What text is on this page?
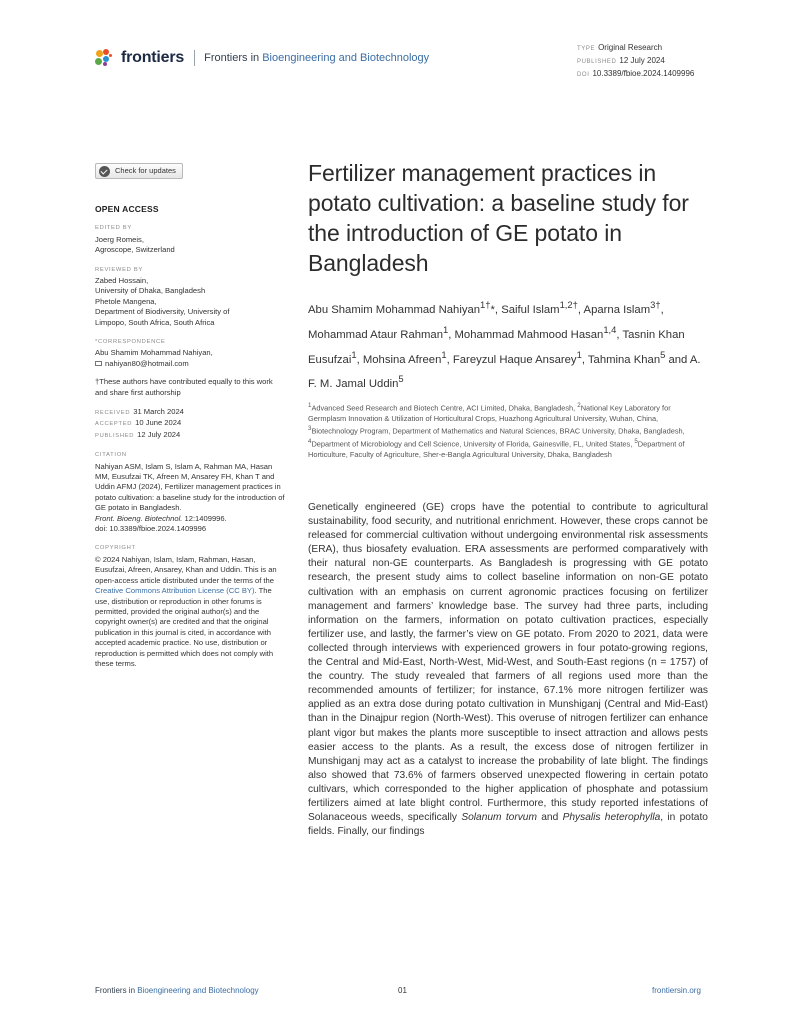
frontiers Frontiers in Bioengineering and Biotechnology
TYPE Original Research
PUBLISHED 12 July 2024
DOI 10.3389/fbioe.2024.1409996
Check for updates
OPEN ACCESS
EDITED BY
Joerg Romeis,
Agroscope, Switzerland
REVIEWED BY
Zabed Hossain,
University of Dhaka, Bangladesh
Phetole Mangena,
Department of Biodiversity, University of
Limpopo, South Africa, South Africa
*CORRESPONDENCE
Abu Shamim Mohammad Nahiyan,
nahiyan80@hotmail.com
†These authors have contributed equally to this work and share first authorship
RECEIVED 31 March 2024
ACCEPTED 10 June 2024
PUBLISHED 12 July 2024
CITATION
Nahiyan ASM, Islam S, Islam A, Rahman MA, Hasan MM, Eusufzai TK, Afreen M, Ansarey FH, Khan T and Uddin AFMJ (2024), Fertilizer management practices in potato cultivation: a baseline study for the introduction of GE potato in Bangladesh.
Front. Bioeng. Biotechnol. 12:1409996.
doi: 10.3389/fbioe.2024.1409996
COPYRIGHT
© 2024 Nahiyan, Islam, Islam, Rahman, Hasan, Eusufzai, Afreen, Ansarey, Khan and Uddin. This is an open-access article distributed under the terms of the Creative Commons Attribution License (CC BY). The use, distribution or reproduction in other forums is permitted, provided the original author(s) and the copyright owner(s) are credited and that the original publication in this journal is cited, in accordance with accepted academic practice. No use, distribution or reproduction is permitted which does not comply with these terms.
Fertilizer management practices in potato cultivation: a baseline study for the introduction of GE potato in Bangladesh
Abu Shamim Mohammad Nahiyan$^{1\dagger}$*, Saiful Islam$^{1,2\dagger}$, Aparna Islam$^{3\dagger}$, Mohammad Ataur Rahman$^1$, Mohammad Mahmood Hasan$^{1,4}$, Tasnin Khan Eusufzai$^1$, Mohsina Afreen$^1$, Fareyzul Haque Ansarey$^1$, Tahmina Khan$^5$ and A. F. M. Jamal Uddin$^5$
$^1$Advanced Seed Research and Biotech Centre, ACI Limited, Dhaka, Bangladesh, $^2$National Key Laboratory for Germplasm Innovation & Utilization of Horticultural Crops, Huazhong Agricultural University, Wuhan, China, $^3$Biotechnology Program, Department of Mathematics and Natural Sciences, BRAC University, Dhaka, Bangladesh, $^4$Department of Microbiology and Cell Science, University of Florida, Gainesville, FL, United States, $^5$Department of Horticulture, Faculty of Agriculture, Sher-e-Bangla Agricultural University, Dhaka, Bangladesh
Genetically engineered (GE) crops have the potential to contribute to agricultural sustainability, food security, and nutritional enrichment. However, these crops cannot be released for commercial cultivation without undergoing environmental risk assessments (ERA), thus biosafety evaluation. ERA assessments are performed comparatively with their natural non-GE counterparts. As Bangladesh is progressing with GE potato research, the present study aims to collect baseline information on non-GE potato cultivation with an emphasis on current agronomic practices focusing on fertilizer management and farmers’ knowledge base. The survey had three parts, including information on the farmers, information on potato cultivation practices, especially fertilizer use, and lastly, the farmer’s view on GE potato. From 2020 to 2021, data were collected through interviews with experienced growers in four potato-growing regions, the Central and Mid-East, North-West, Mid-West, and South-East regions (n = 1757) of the country. The study revealed that farmers of all regions used more than the recommended amounts of fertilizer; for instance, 67.1% more nitrogen fertilizer was applied as an extra dose during potato cultivation in Munshiganj (Central and Mid-East) than in the Dinajpur region (North-West). This overuse of nitrogen fertilizer can enhance plant vigor but makes the plants more susceptible to insect attraction and allows pests easier access to the plants. As a result, the excess dose of nitrogen fertilizer in Munshiganj may act as a catalyst to increase the probability of late blight. The findings also showed that 73.6% of farmers observed unexpected flowering in certain potato cultivars, which corresponded to the higher application of phosphate and potassium fertilizers aimed at late blight control. Furthermore, this study reported infestations of Solanaceous weeds, specifically Solanum torvum and Physalis heterophylla, in potato fields. Finally, our findings
Frontiers in Bioengineering and Biotechnology	01	frontiersin.org
